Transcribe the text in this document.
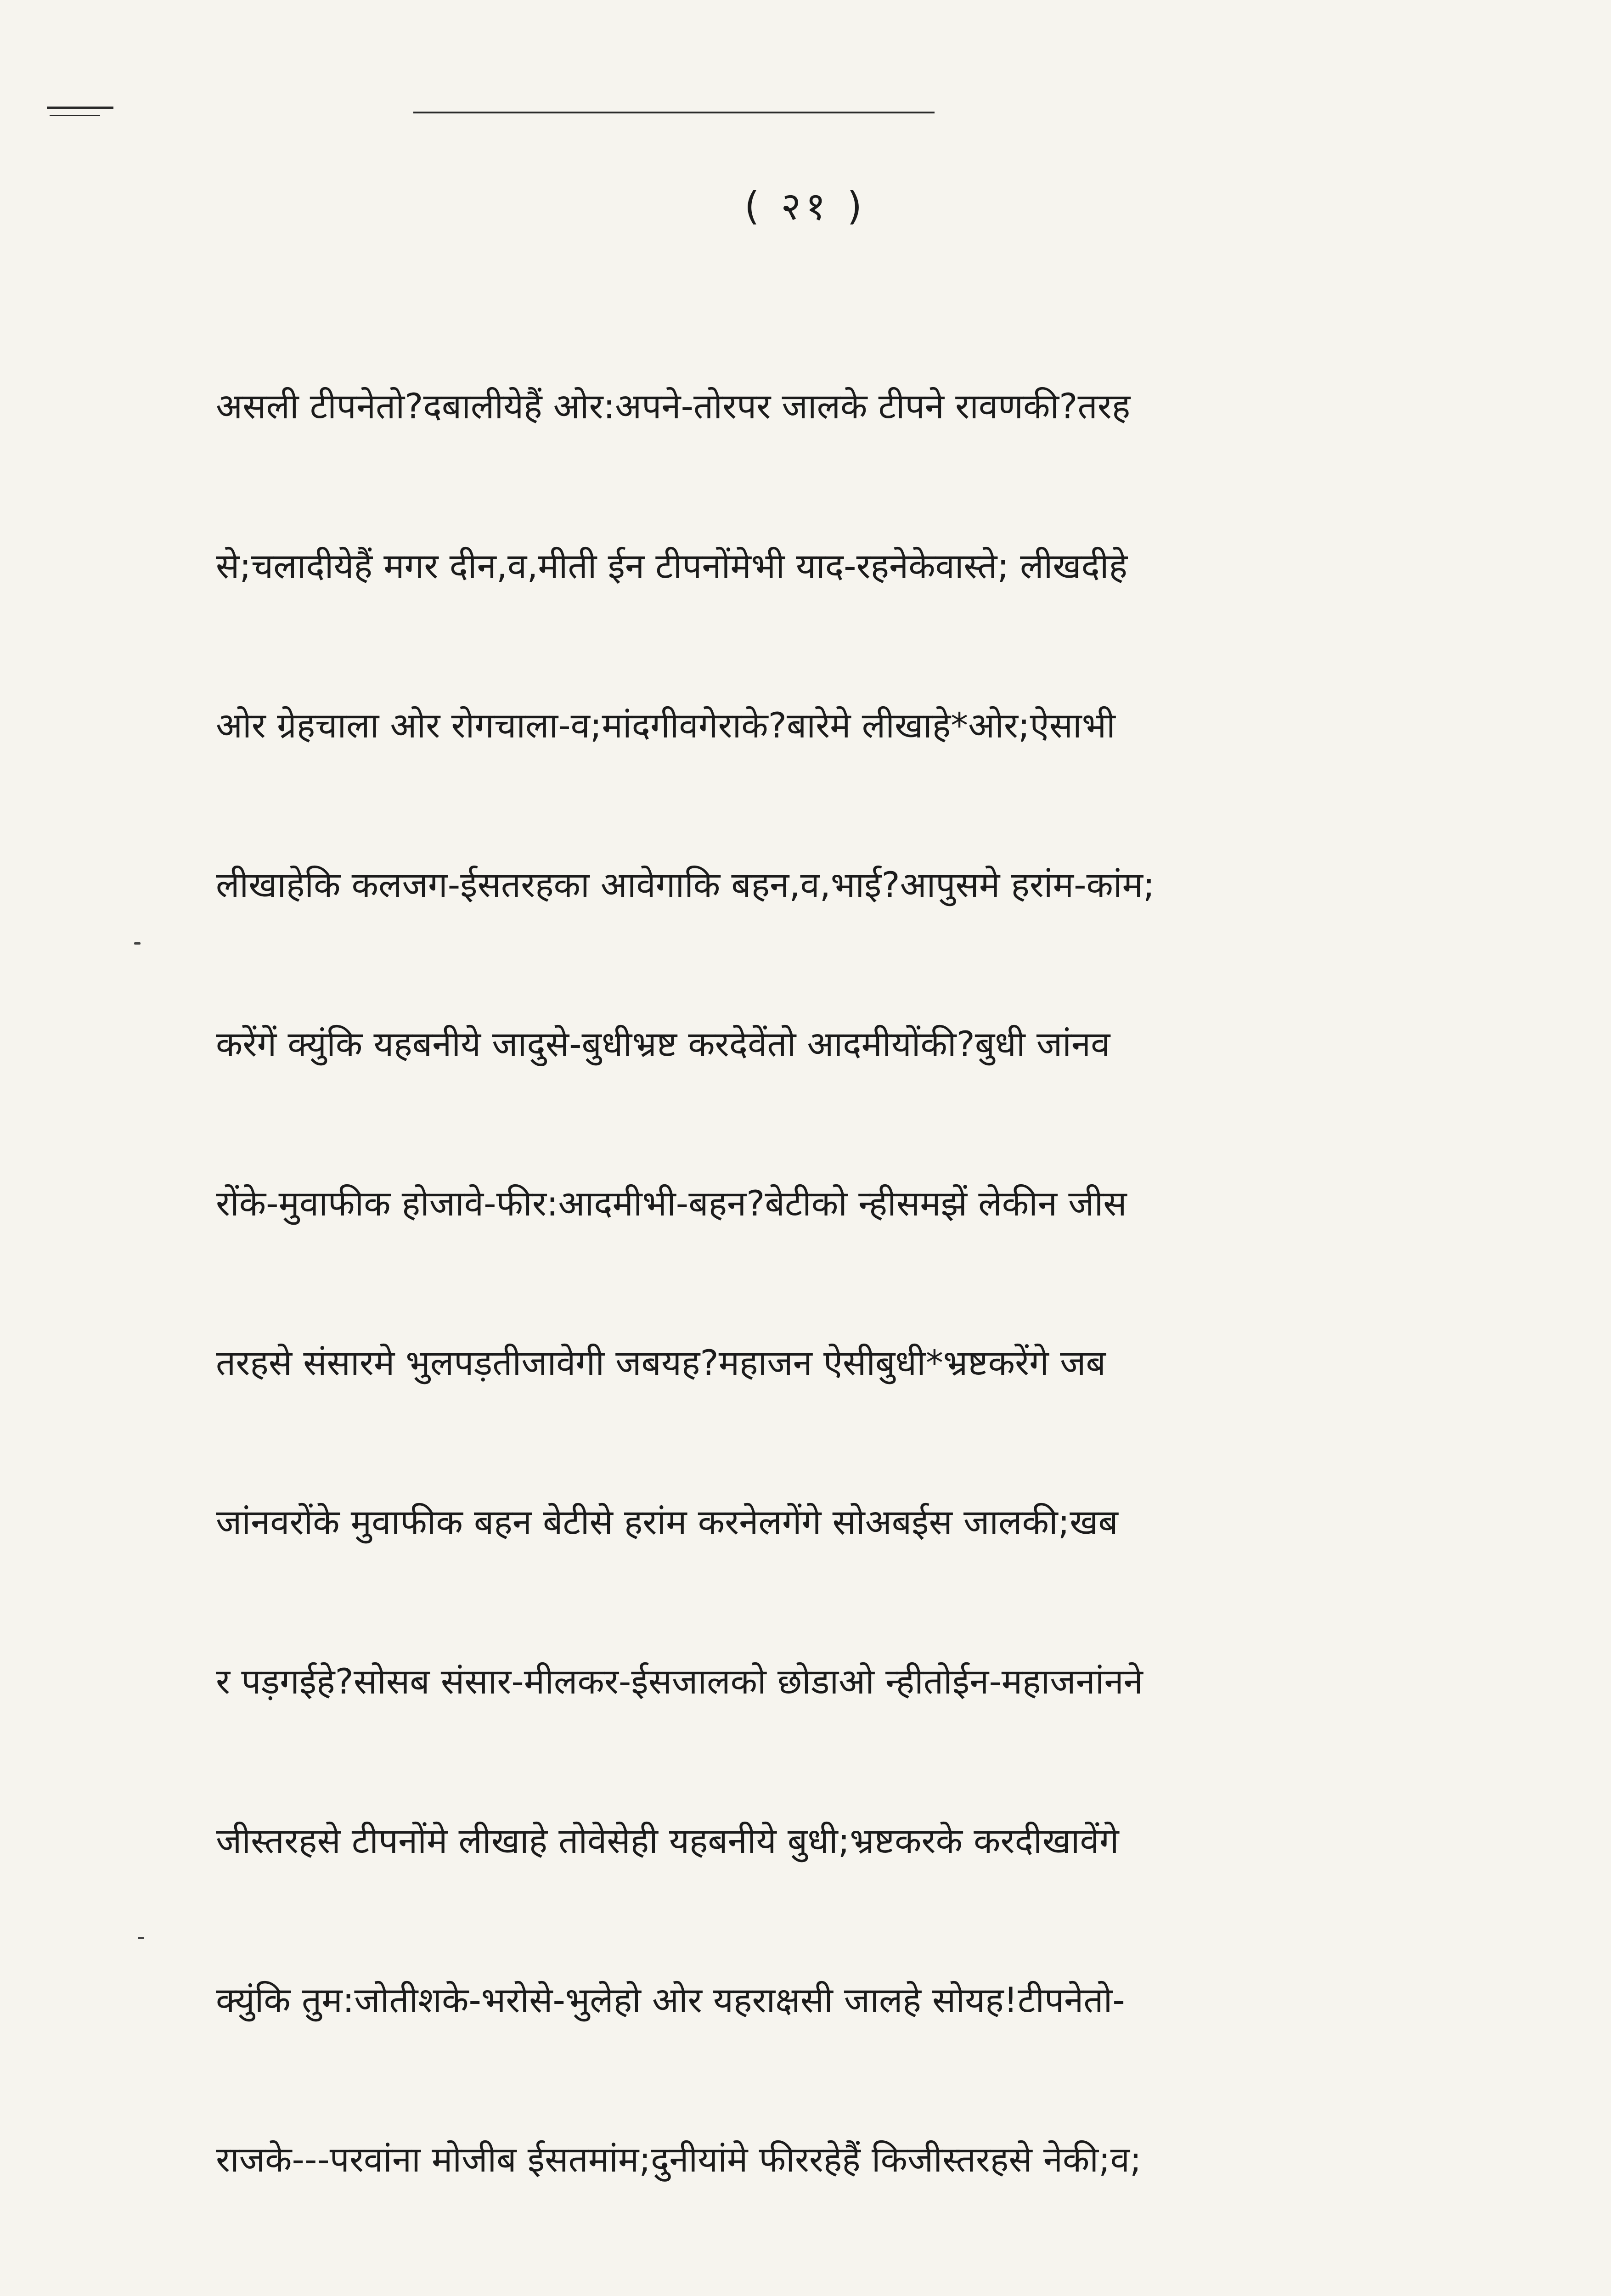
( २१ )

असली टीपनेतो?दबालीयेहैं ओर:अपने-तोरपर जालके टीपने रावणकी?तरह

से;चलादीयेहैं मगर दीन,व,मीती ईन टीपनोंमेभी याद-रहनेकेवास्ते; लीखदीहे

ओर ग्रेहचाला ओर रोगचाला-व;मांदगीवगेराके?बारेमे लीखाहे*ओर;ऐसाभी

लीखाहेकि कलजग-ईसतरहका आवेगाकि बहन,व,भाई?आपुसमे हरांम-कांम;

करेंगें क्युंकि यहबनीये जादुसे-बुधीभ्रष्ट करदेवेंतो आदमीयोंकी?बुधी जांनव

रोंके-मुवाफीक होजावे-फीर:आदमीभी-बहन?बेटीको न्हीसमझें लेकीन जीस

तरहसे संसारमे भुलपड़तीजावेगी जबयह?महाजन ऐसीबुधी*भ्रष्टकरेंगे जब

जांनवरोंके मुवाफीक बहन बेटीसे हरांम करनेलगेंगे सोअबईस जालकी;खब

र पड़गईहे?सोसब संसार-मीलकर-ईसजालको छोडाओ न्हीतोईन-महाजनांनने

जीस्तरहसे टीपनोंमे लीखाहे तोवेसेही यहबनीये बुधी;भ्रष्टकरके करदीखावेंगे

क्युंकि तुम:जोतीशके-भरोसे-भुलेहो ओर यहराक्षसी जालहे सोयह!टीपनेतो-

राजके---परवांना मोजीब ईसतमांम;दुनीयांमे फीररहेहैं किजीस्तरहसे नेकी;व;
